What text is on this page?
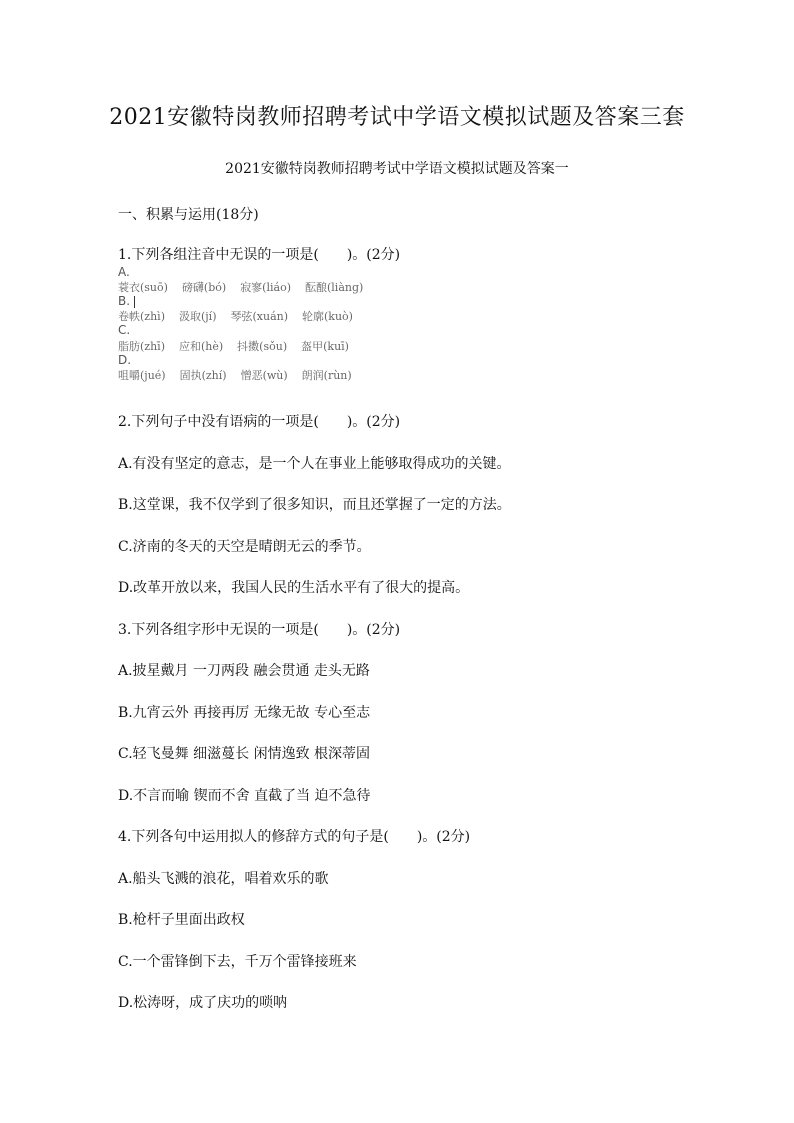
2021安徽特岗教师招聘考试中学语文模拟试题及答案三套
2021安徽特岗教师招聘考试中学语文模拟试题及答案一
一、积累与运用(18分)
1.下列各组注音中无误的一项是(　　)。(2分)
A.
蓑衣(suō) 磅礴(bó) 寂寥(liáo) 酝酿(liàng)
B.
卷帙(zhì) 汲取(jí) 琴弦(xuán) 轮廓(kuò)
C.
脂肪(zhī) 应和(hè) 抖擞(sǒu) 盔甲(kuī)
D.
咀嚼(jué) 固执(zhí) 憎恶(wù) 朗润(rùn)
2.下列句子中没有语病的一项是(　　)。(2分)
A.有没有坚定的意志，是一个人在事业上能够取得成功的关键。
B.这堂课，我不仅学到了很多知识，而且还掌握了一定的方法。
C.济南的冬天的天空是晴朗无云的季节。
D.改革开放以来，我国人民的生活水平有了很大的提高。
3.下列各组字形中无误的一项是(　　)。(2分)
A.披星戴月 一刀两段 融会贯通 走头无路
B.九宵云外 再接再厉 无缘无故 专心至志
C.轻飞曼舞 细滋蔓长 闲情逸致 根深蒂固
D.不言而喻 锲而不舍 直截了当 迫不急待
4.下列各句中运用拟人的修辞方式的句子是(　　)。(2分)
A.船头飞溅的浪花，唱着欢乐的歌
B.枪杆子里面出政权
C.一个雷锋倒下去，千万个雷锋接班来
D.松涛呀，成了庆功的唢呐
